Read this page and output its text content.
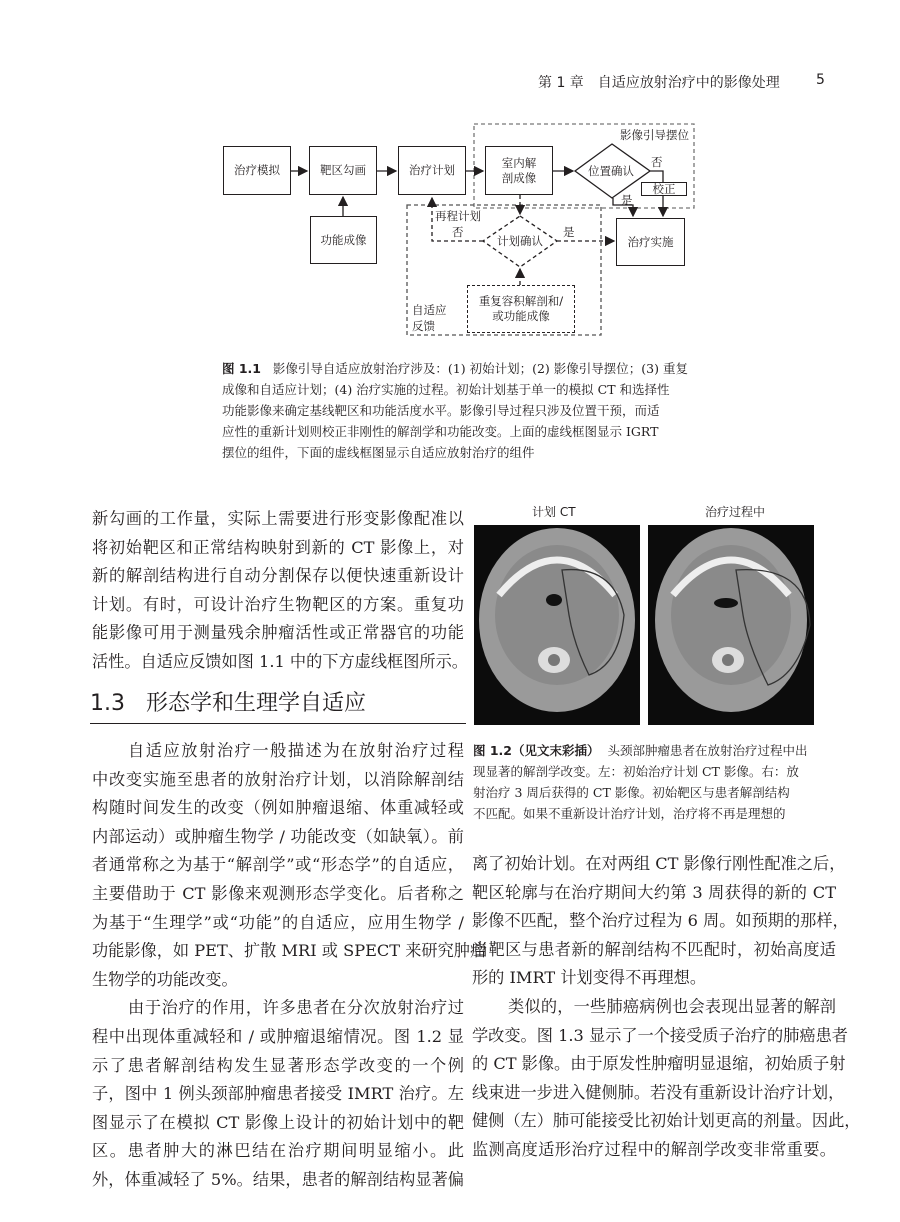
第 1 章　自适应放射治疗中的影像处理	5
治疗模拟	靶区勾画	治疗计划
室内解剖成像
功能成像
校正
治疗实施
重复容积解剖和/或功能成像
位置确认
计划确认
影像引导摆位
自适应
反馈
再程计划
否
是
否	是
图 1.1 影像引导自适应放射治疗涉及：(1) 初始计划；(2) 影像引导摆位；(3) 重复
成像和自适应计划；(4) 治疗实施的过程。初始计划基于单一的模拟 CT 和选择性
功能影像来确定基线靶区和功能活度水平。影像引导过程只涉及位置干预，而适
应性的重新计划则校正非刚性的解剖学和功能改变。上面的虚线框图显示 IGRT
摆位的组件，下面的虚线框图显示自适应放射治疗的组件
计划 CT	治疗过程中
图 1.2（见文末彩插） 头颈部肿瘤患者在放射治疗过程中出
现显著的解剖学改变。左：初始治疗计划 CT 影像。右：放
射治疗 3 周后获得的 CT 影像。初始靶区与患者解剖结构
不匹配。如果不重新设计治疗计划，治疗将不再是理想的
1.3 形态学和生理学自适应
新勾画的工作量，实际上需要进行形变影像配准以
将初始靶区和正常结构映射到新的 CT 影像上，对
新的解剖结构进行自动分割保存以便快速重新设计
计划。有时，可设计治疗生物靶区的方案。重复功
能影像可用于测量残余肿瘤活性或正常器官的功能
活性。自适应反馈如图 1.1 中的下方虚线框图所示。
自适应放射治疗一般描述为在放射治疗过程
中改变实施至患者的放射治疗计划，以消除解剖结
构随时间发生的改变（例如肿瘤退缩、体重减轻或
内部运动）或肿瘤生物学 / 功能改变（如缺氧）。前
者通常称之为基于“解剖学”或“形态学”的自适应，
主要借助于 CT 影像来观测形态学变化。后者称之
为基于“生理学”或“功能”的自适应，应用生物学 /
功能影像，如 PET、扩散 MRI 或 SPECT 来研究肿瘤
生物学的功能改变。
由于治疗的作用，许多患者在分次放射治疗过
程中出现体重减轻和 / 或肿瘤退缩情况。图 1.2 显
示了患者解剖结构发生显著形态学改变的一个例
子，图中 1 例头颈部肿瘤患者接受 IMRT 治疗。左
图显示了在模拟 CT 影像上设计的初始计划中的靶
区。患者肿大的淋巴结在治疗期间明显缩小。此
外，体重减轻了 5%。结果，患者的解剖结构显著偏
离了初始计划。在对两组 CT 影像行刚性配准之后，
靶区轮廓与在治疗期间大约第 3 周获得的新的 CT
影像不匹配，整个治疗过程为 6 周。如预期的那样，
当靶区与患者新的解剖结构不匹配时，初始高度适
形的 IMRT 计划变得不再理想。
类似的，一些肺癌病例也会表现出显著的解剖
学改变。图 1.3 显示了一个接受质子治疗的肺癌患者
的 CT 影像。由于原发性肿瘤明显退缩，初始质子射
线束进一步进入健侧肺。若没有重新设计治疗计划，
健侧（左）肺可能接受比初始计划更高的剂量。因此，
监测高度适形治疗过程中的解剖学改变非常重要。
